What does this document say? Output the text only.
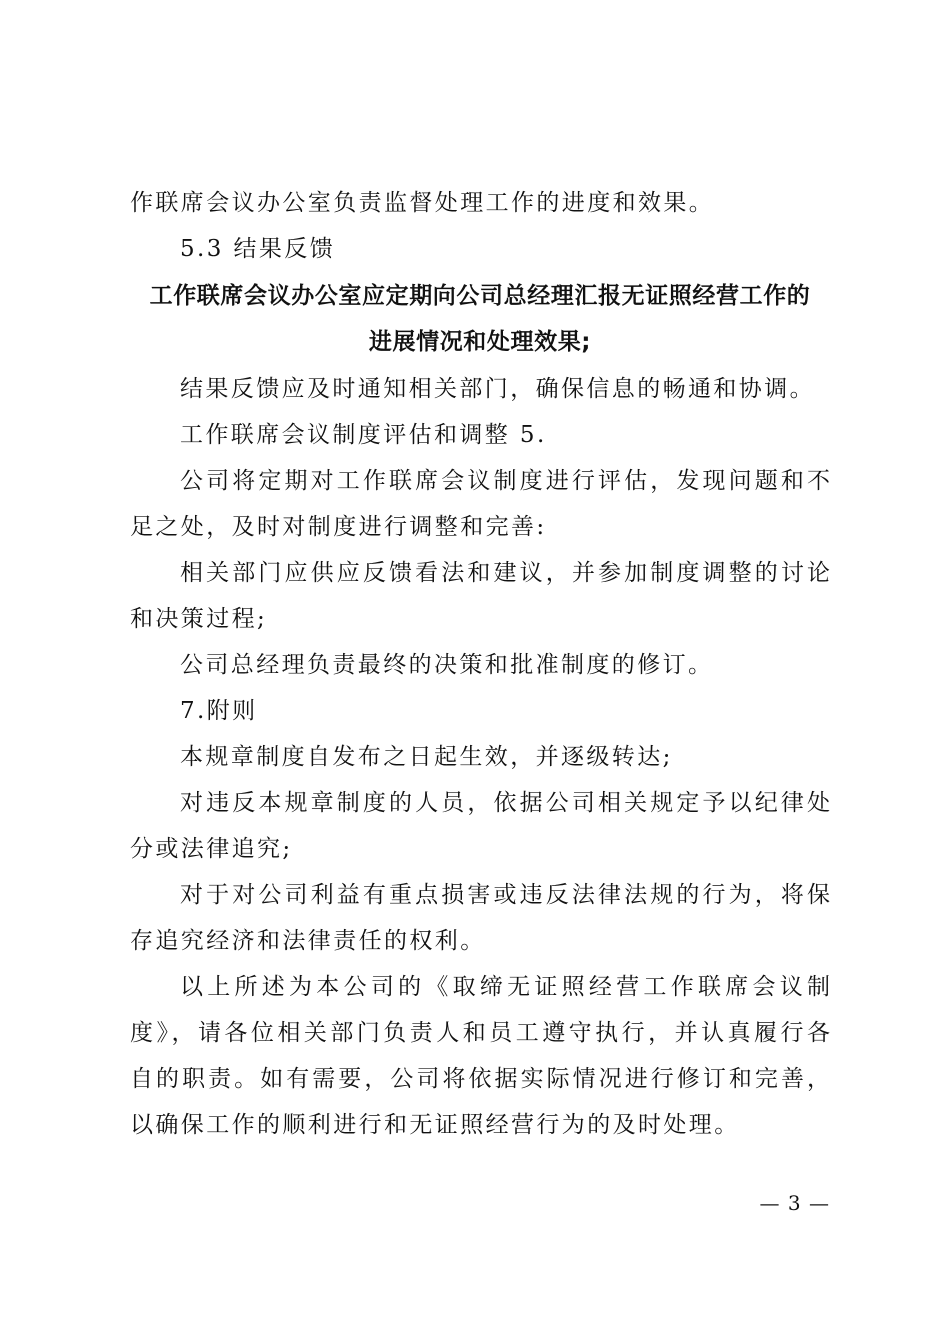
作联席会议办公室负责监督处理工作的进度和效果。
5.3 结果反馈
工作联席会议办公室应定期向公司总经理汇报无证照经营工作的
进展情况和处理效果;
结果反馈应及时通知相关部门，确保信息的畅通和协调。
工作联席会议制度评估和调整 5.
公司将定期对工作联席会议制度进行评估，发现问题和不
足之处，及时对制度进行调整和完善:
相关部门应供应反馈看法和建议，并参加制度调整的讨论
和决策过程;
公司总经理负责最终的决策和批准制度的修订。
7.附则
本规章制度自发布之日起生效，并逐级转达;
对违反本规章制度的人员，依据公司相关规定予以纪律处
分或法律追究;
对于对公司利益有重点损害或违反法律法规的行为，将保
存追究经济和法律责任的权利。
以上所述为本公司的《取缔无证照经营工作联席会议制
度》，请各位相关部门负责人和员工遵守执行，并认真履行各
自的职责。如有需要，公司将依据实际情况进行修订和完善，
以确保工作的顺利进行和无证照经营行为的及时处理。
— 3 —
